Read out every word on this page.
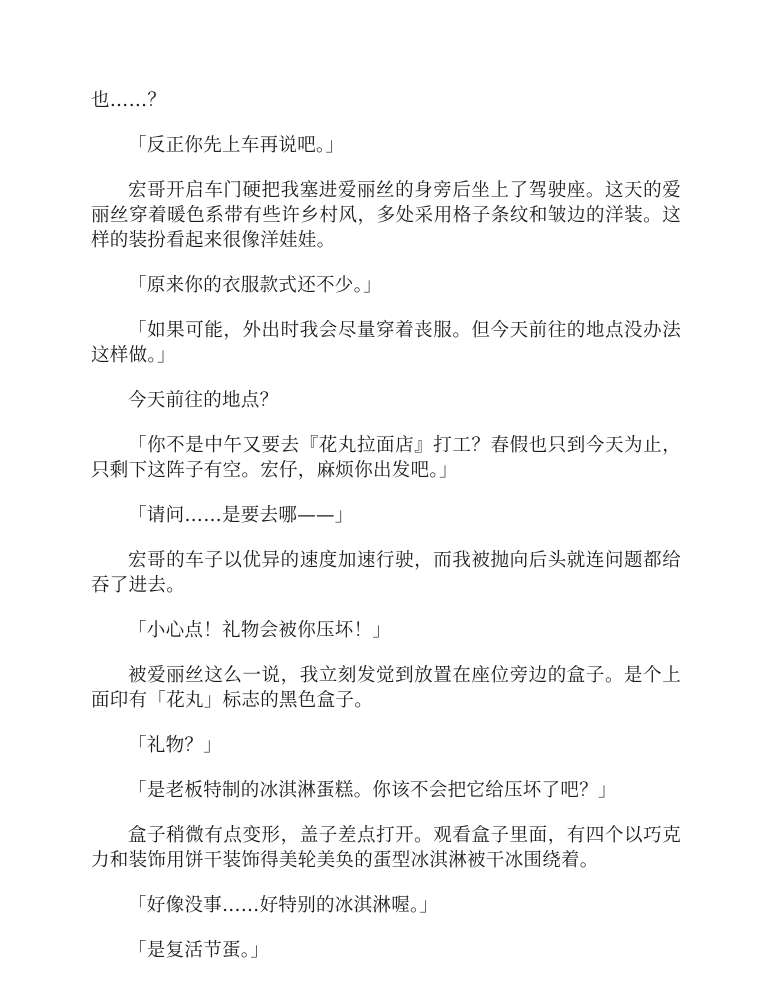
也……？

「反正你先上车再说吧。」

宏哥开启车门硬把我塞进爱丽丝的身旁后坐上了驾驶座。这天的爱丽丝穿着暖色系带有些许乡村风，多处采用格子条纹和皱边的洋装。这样的装扮看起来很像洋娃娃。

「原来你的衣服款式还不少。」

「如果可能，外出时我会尽量穿着丧服。但今天前往的地点没办法这样做。」

今天前往的地点？

「你不是中午又要去『花丸拉面店』打工？春假也只到今天为止，只剩下这阵子有空。宏仔，麻烦你出发吧。」

「请问……是要去哪——」

宏哥的车子以优异的速度加速行驶，而我被抛向后头就连问题都给吞了进去。

「小心点！礼物会被你压坏！」

被爱丽丝这么一说，我立刻发觉到放置在座位旁边的盒子。是个上面印有「花丸」标志的黑色盒子。

「礼物？」

「是老板特制的冰淇淋蛋糕。你该不会把它给压坏了吧？」

盒子稍微有点变形，盖子差点打开。观看盒子里面，有四个以巧克力和装饰用饼干装饰得美轮美奂的蛋型冰淇淋被干冰围绕着。

「好像没事……好特别的冰淇淋喔。」

「是复活节蛋。」
